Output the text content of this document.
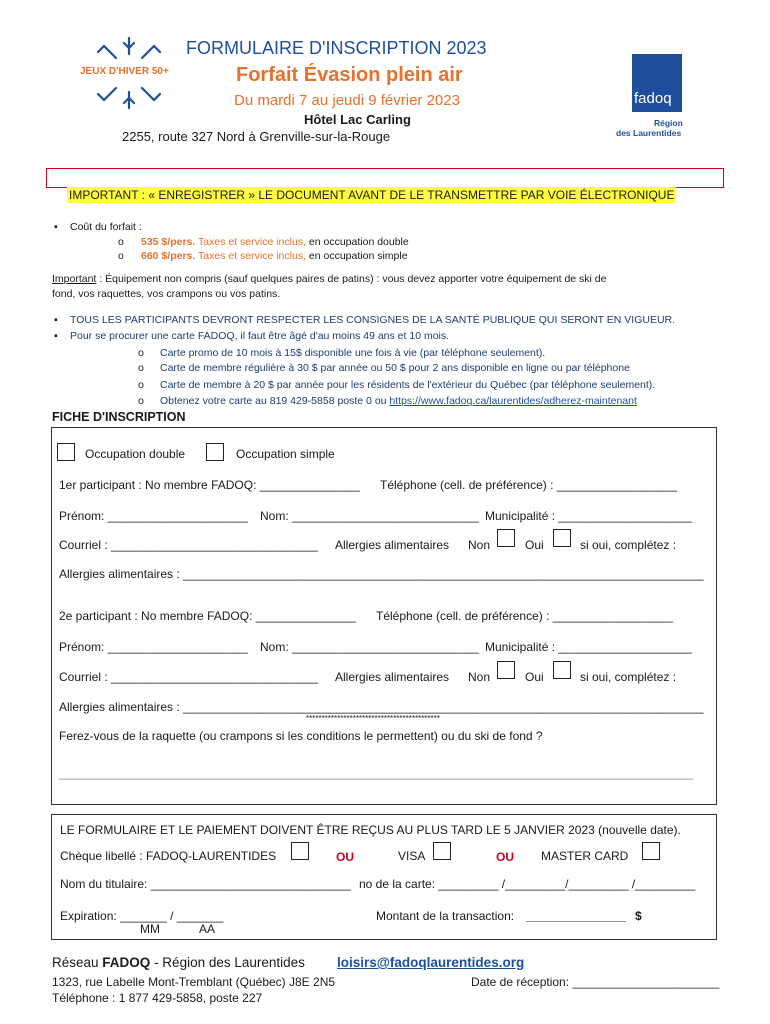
JEUX D'HIVER 50+
FORMULAIRE D'INSCRIPTION 2023
Forfait Évasion plein air
Du mardi 7 au jeudi 9 février 2023
Hôtel Lac Carling
2255, route 327 Nord à Grenville-sur-la-Rouge
fadoq
Région
des Laurentides
IMPORTANT : « ENREGISTRER » LE DOCUMENT AVANT DE LE TRANSMETTRE PAR VOIE ÉLECTRONIQUE
▪ Coût du forfait :
o 535 $/pers. Taxes et service inclus, en occupation double
o 660 $/pers. Taxes et service inclus, en occupation simple
Important : Équipement non compris (sauf quelques paires de patins) : vous devez apporter votre équipement de ski de
fond, vos raquettes, vos crampons ou vos patins.
▪ TOUS LES PARTICIPANTS DEVRONT RESPECTER LES CONSIGNES DE LA SANTÉ PUBLIQUE QUI SERONT EN VIGUEUR.
▪ Pour se procurer une carte FADOQ, il faut être âgé d'au moins 49 ans et 10 mois.
o Carte promo de 10 mois à 15$ disponible une fois à vie (par téléphone seulement).
o Carte de membre régulière à 30 $ par année ou 50 $ pour 2 ans disponible en ligne ou par téléphone
o Carte de membre à 20 $ par année pour les résidents de l'extérieur du Québec (par téléphone seulement).
o Obtenez votre carte au 819 429-5858 poste 0 ou https://www.fadoq.ca/laurentides/adherez-maintenant
FICHE D'INSCRIPTION
Occupation double	Occupation simple
1er participant : No membre FADOQ: _______________ Téléphone (cell. de préférence) : __________________
Prénom: _____________________ Nom: ____________________________ Municipalité : ____________________
Courriel : _______________________________ Allergies alimentaires Non	Oui	si oui, complétez :
Allergies alimentaires : ______________________________________________________________________________
2e participant : No membre FADOQ: _______________ Téléphone (cell. de préférence) : __________________
Prénom: _____________________ Nom: ____________________________ Municipalité : ____________________
Courriel : _______________________________ Allergies alimentaires Non	Oui	si oui, complétez :
Allergies alimentaires : ______________________________________________________________________________
*******************************************
Ferez-vous de la raquette (ou crampons si les conditions le permettent) ou du ski de fond ?
_______________________________________________________________________________________________
LE FORMULAIRE ET LE PAIEMENT DOIVENT ÊTRE REÇUS AU PLUS TARD LE 5 JANVIER 2023 (nouvelle date).
Chèque libellé : FADOQ-LAURENTIDES	OU	VISA	OU MASTER CARD
Nom du titulaire: ______________________________ no de la carte: _________ /_________/_________ /_________
Expiration: _______ / _______
MM	AA
Montant de la transaction: _______________ $
Réseau FADOQ - Région des Laurentides loisirs@fadoqlaurentides.org
1323, rue Labelle Mont-Tremblant (Québec) J8E 2N5	Date de réception: ______________________
Téléphone : 1 877 429-5858, poste 227
